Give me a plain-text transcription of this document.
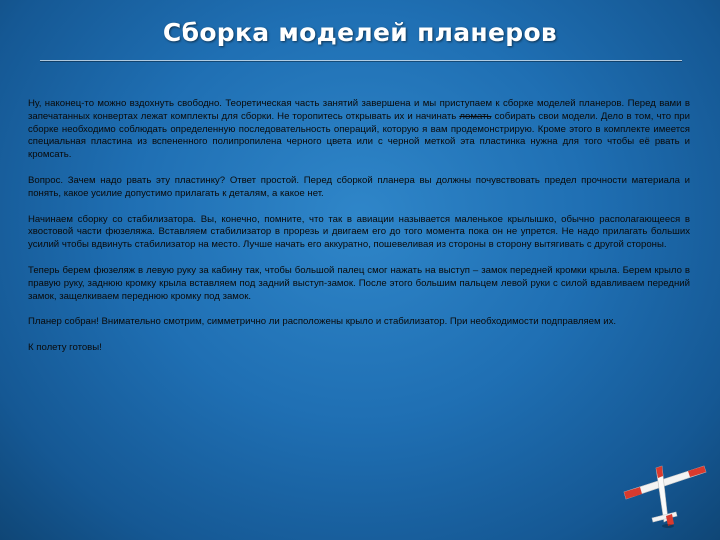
Сборка моделей планеров

Ну, наконец-то можно вздохнуть свободно. Теоретическая часть занятий завершена и мы приступаем к сборке моделей планеров. Перед вами в запечатанных конвертах лежат комплекты для сборки. Не торопитесь открывать их и начинать ломать собирать свои модели. Дело в том, что при сборке необходимо соблюдать определенную последовательность операций, которую я вам продемонстрирую. Кроме этого в комплекте имеется специальная пластина из вспененного полипропилена черного цвета или с черной меткой эта пластинка нужна для того чтобы её рвать и кромсать.

Вопрос. Зачем надо рвать эту пластинку? Ответ простой. Перед сборкой планера вы должны почувствовать предел прочности материала и понять, какое усилие допустимо прилагать к деталям, а какое нет.

Начинаем сборку со стабилизатора. Вы, конечно, помните, что так в авиации называется маленькое крылышко, обычно располагающееся в хвостовой части фюзеляжа. Вставляем стабилизатор в прорезь и двигаем его до того момента пока он не упрется. Не надо прилагать больших усилий чтобы вдвинуть стабилизатор на место. Лучше начать его аккуратно, пошевеливая из стороны в сторону вытягивать с другой стороны.

Теперь берем фюзеляж в левую руку за кабину так, чтобы большой палец смог нажать на выступ – замок передней кромки крыла. Берем крыло в правую руку, заднюю кромку крыла вставляем под задний выступ-замок. После этого большим пальцем левой руки с силой вдавливаем передний замок, защелкиваем переднюю кромку под замок.

Планер собран! Внимательно смотрим, симметрично ли расположены крыло и стабилизатор. При необходимости подправляем их.

К полету готовы!
